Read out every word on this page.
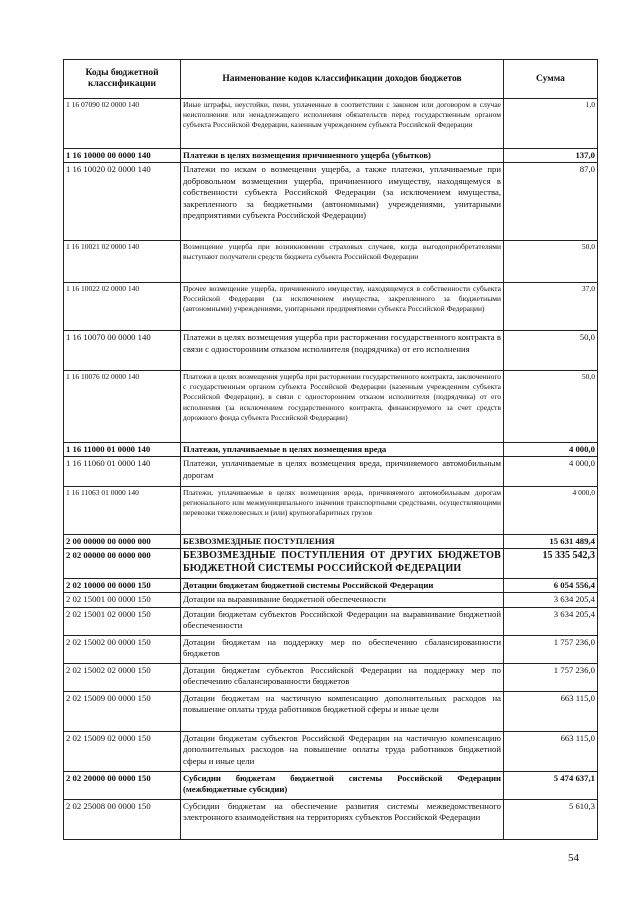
Коды бюджетной классификации	Наименование кодов классификации доходов бюджетов	Сумма
1 16 07090 02 0000 140	Иные штрафы, неустойки, пени, уплаченные в соответствии с законом или договором в случае неисполнения или ненадлежащего исполнения обязательств перед государственным органом субъекта Российской Федерации, казенным учреждением субъекта Российской Федерации	1,0
1 16 10000 00 0000 140	Платежи в целях возмещения причиненного ущерба (убытков)	137,0
1 16 10020 02 0000 140	Платежи по искам о возмещении ущерба, а также платежи, уплачиваемые при добровольном возмещении ущерба, причиненного имуществу, находящемуся в собственности субъекта Российской Федерации (за исключением имущества, закрепленного за бюджетными (автономными) учреждениями, унитарными предприятиями субъекта Российской Федерации)	87,0
1 16 10021 02 0000 140	Возмещение ущерба при возникновении страховых случаев, когда выгодоприобретателями выступают получатели средств бюджета субъекта Российской Федерации	50,0
1 16 10022 02 0000 140	Прочее возмещение ущерба, причиненного имуществу, находящемуся в собственности субъекта Российской Федерации (за исключением имущества, закрепленного за бюджетными (автономными) учреждениями, унитарными предприятиями субъекта Российской Федерации)	37,0
1 16 10070 00 0000 140	Платежи в целях возмещения ущерба при расторжении государственного контракта в связи с односторонним отказом исполнителя (подрядчика) от его исполнения	50,0
1 16 10076 02 0000 140	Платежи в целях возмещения ущерба при расторжении государственного контракта, заключенного с государственным органом субъекта Российской Федерации (казенным учреждением субъекта Российской Федерации), в связи с односторонним отказом исполнителя (подрядчика) от его исполнения (за исключением государственного контракта, финансируемого за счет средств дорожного фонда субъекта Российской Федерации)	50,0
1 16 11000 01 0000 140	Платежи, уплачиваемые в целях возмещения вреда	4 000,0
1 16 11060 01 0000 140	Платежи, уплачиваемые в целях возмещения вреда, причиняемого автомобильным дорогам	4 000,0
1 16 11063 01 0000 140	Платежи, уплачиваемые в целях возмещения вреда, причиняемого автомобильным дорогам регионального или межмуниципального значения транспортными средствами, осуществляющими перевозки тяжеловесных и (или) крупногабаритных грузов	4 000,0
2 00 00000 00 0000 000	БЕЗВОЗМЕЗДНЫЕ ПОСТУПЛЕНИЯ	15 631 489,4
2 02 00000 00 0000 000	БЕЗВОЗМЕЗДНЫЕ ПОСТУПЛЕНИЯ ОТ ДРУГИХ БЮДЖЕТОВ БЮДЖЕТНОЙ СИСТЕМЫ РОССИЙСКОЙ ФЕДЕРАЦИИ	15 335 542,3
2 02 10000 00 0000 150	Дотации бюджетам бюджетной системы Российской Федерации	6 054 556,4
2 02 15001 00 0000 150	Дотации на выравнивание бюджетной обеспеченности	3 634 205,4
2 02 15001 02 0000 150	Дотации бюджетам субъектов Российской Федерации на выравнивание бюджетной обеспеченности	3 634 205,4
2 02 15002 00 0000 150	Дотации бюджетам на поддержку мер по обеспечению сбалансированности бюджетов	1 757 236,0
2 02 15002 02 0000 150	Дотации бюджетам субъектов Российской Федерации на поддержку мер по обеспечению сбалансированности бюджетов	1 757 236,0
2 02 15009 00 0000 150	Дотации бюджетам на частичную компенсацию дополнительных расходов на повышение оплаты труда работников бюджетной сферы и иные цели	663 115,0
2 02 15009 02 0000 150	Дотации бюджетам субъектов Российской Федерации на частичную компенсацию дополнительных расходов на повышение оплаты труда работников бюджетной сферы и иные цели	663 115,0
2 02 20000 00 0000 150	Субсидии бюджетам бюджетной системы Российской Федерации (межбюджетные субсидии)	5 474 637,1
2 02 25008 00 0000 150	Субсидии бюджетам на обеспечение развития системы межведомственного электронного взаимодействия на территориях субъектов Российской Федерации	5 610,3
54
